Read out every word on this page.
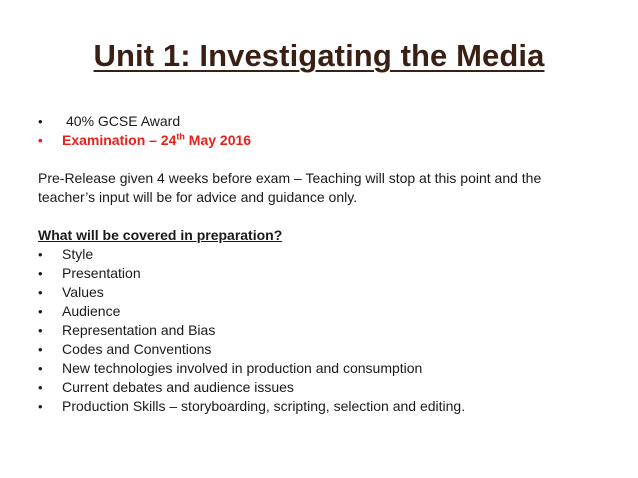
Unit 1: Investigating the Media
•	40% GCSE Award
•	Examination – 24th May 2016
Pre-Release given 4 weeks before exam – Teaching will stop at this point and the teacher’s input will be for advice and guidance only.
What will be covered in preparation?
•	Style
•	Presentation
•	Values
•	Audience
•	Representation and Bias
•	Codes and Conventions
•	New technologies involved in production and consumption
•	Current debates and audience issues
•	Production Skills – storyboarding, scripting, selection and editing.
